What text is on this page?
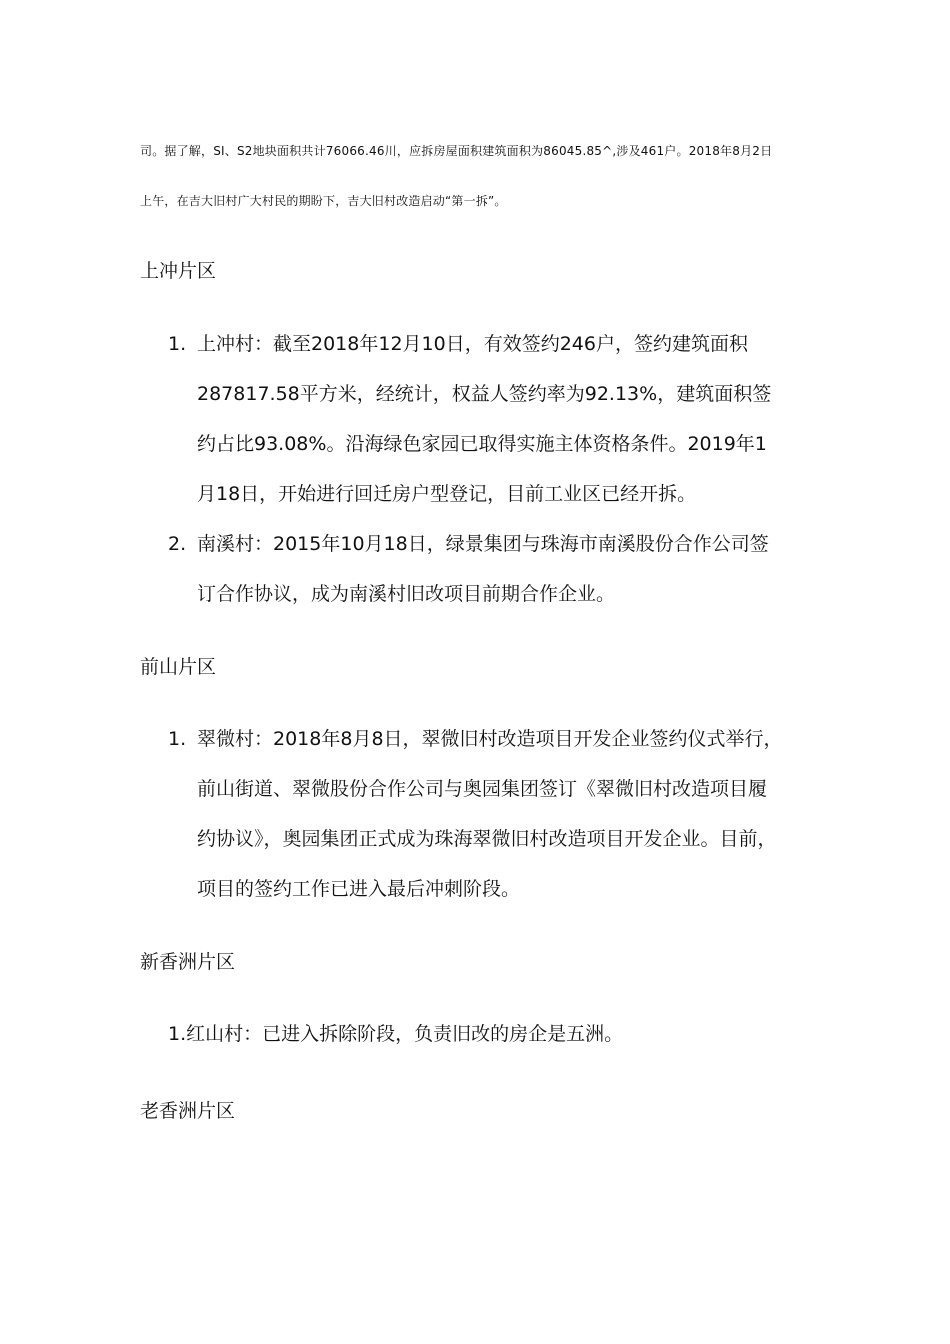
司。据了解，SI、S2地块面积共计76066.46川，应拆房屋面积建筑面积为86045.85^,涉及461户。2018年8月2日
上午，在吉大旧村广大村民的期盼下，吉大旧村改造启动“第一拆”。
上冲片区
1. 上冲村：截至2018年12月10日，有效签约246户，签约建筑面积
287817.58平方米，经统计，权益人签约率为92.13%，建筑面积签
约占比93.08%。沿海绿色家园已取得实施主体资格条件。2019年1
月18日，开始进行回迁房户型登记，目前工业区已经开拆。
2. 南溪村：2015年10月18日，绿景集团与珠海市南溪股份合作公司签
订合作协议，成为南溪村旧改项目前期合作企业。
前山片区
1. 翠微村：2018年8月8日，翠微旧村改造项目开发企业签约仪式举行，
前山街道、翠微股份合作公司与奥园集团签订《翠微旧村改造项目履
约协议》，奥园集团正式成为珠海翠微旧村改造项目开发企业。目前，
项目的签约工作已进入最后冲刺阶段。
新香洲片区
1.红山村：已进入拆除阶段，负责旧改的房企是五洲。
老香洲片区
